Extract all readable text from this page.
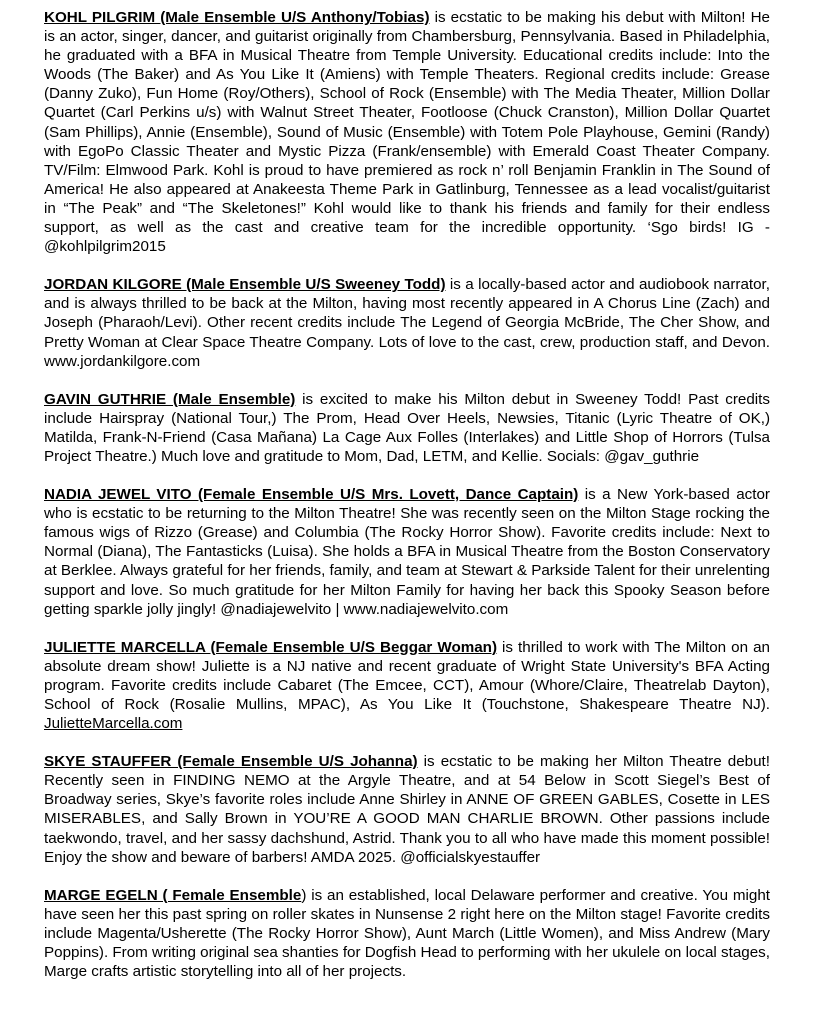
KOHL PILGRIM (Male Ensemble U/S Anthony/Tobias) is ecstatic to be making his debut with Milton! He is an actor, singer, dancer, and guitarist originally from Chambersburg, Pennsylvania. Based in Philadelphia, he graduated with a BFA in Musical Theatre from Temple University. Educational credits include: Into the Woods (The Baker) and As You Like It (Amiens) with Temple Theaters. Regional credits include: Grease (Danny Zuko), Fun Home (Roy/Others), School of Rock (Ensemble) with The Media Theater, Million Dollar Quartet (Carl Perkins u/s) with Walnut Street Theater, Footloose (Chuck Cranston), Million Dollar Quartet (Sam Phillips), Annie (Ensemble), Sound of Music (Ensemble) with Totem Pole Playhouse, Gemini (Randy) with EgoPo Classic Theater and Mystic Pizza (Frank/ensemble) with Emerald Coast Theater Company. TV/Film: Elmwood Park. Kohl is proud to have premiered as rock n’ roll Benjamin Franklin in The Sound of America! He also appeared at Anakeesta Theme Park in Gatlinburg, Tennessee as a lead vocalist/guitarist in “The Peak” and “The Skeletones!” Kohl would like to thank his friends and family for their endless support, as well as the cast and creative team for the incredible opportunity. ‘Sgo birds! IG - @kohlpilgrim2015

JORDAN KILGORE (Male Ensemble U/S Sweeney Todd) is a locally-based actor and audiobook narrator, and is always thrilled to be back at the Milton, having most recently appeared in A Chorus Line (Zach) and Joseph (Pharaoh/Levi). Other recent credits include The Legend of Georgia McBride, The Cher Show, and Pretty Woman at Clear Space Theatre Company. Lots of love to the cast, crew, production staff, and Devon. www.jordankilgore.com

GAVIN GUTHRIE (Male Ensemble) is excited to make his Milton debut in Sweeney Todd! Past credits include Hairspray (National Tour,) The Prom, Head Over Heels, Newsies, Titanic (Lyric Theatre of OK,) Matilda, Frank-N-Friend (Casa Mañana) La Cage Aux Folles (Interlakes) and Little Shop of Horrors (Tulsa Project Theatre.) Much love and gratitude to Mom, Dad, LETM, and Kellie. Socials: @gav_guthrie

NADIA JEWEL VITO (Female Ensemble U/S Mrs. Lovett, Dance Captain) is a New York-based actor who is ecstatic to be returning to the Milton Theatre! She was recently seen on the Milton Stage rocking the famous wigs of Rizzo (Grease) and Columbia (The Rocky Horror Show). Favorite credits include: Next to Normal (Diana), The Fantasticks (Luisa). She holds a BFA in Musical Theatre from the Boston Conservatory at Berklee. Always grateful for her friends, family, and team at Stewart & Parkside Talent for their unrelenting support and love. So much gratitude for her Milton Family for having her back this Spooky Season before getting sparkle jolly jingly! @nadiajewelvito | www.nadiajewelvito.com

JULIETTE MARCELLA (Female Ensemble U/S Beggar Woman) is thrilled to work with The Milton on an absolute dream show! Juliette is a NJ native and recent graduate of Wright State University's BFA Acting program. Favorite credits include Cabaret (The Emcee, CCT), Amour (Whore/Claire, Theatrelab Dayton), School of Rock (Rosalie Mullins, MPAC), As You Like It (Touchstone, Shakespeare Theatre NJ). JulietteMarcella.com

SKYE STAUFFER (Female Ensemble U/S Johanna) is ecstatic to be making her Milton Theatre debut! Recently seen in FINDING NEMO at the Argyle Theatre, and at 54 Below in Scott Siegel’s Best of Broadway series, Skye’s favorite roles include Anne Shirley in ANNE OF GREEN GABLES, Cosette in LES MISERABLES, and Sally Brown in YOU’RE A GOOD MAN CHARLIE BROWN. Other passions include taekwondo, travel, and her sassy dachshund, Astrid. Thank you to all who have made this moment possible! Enjoy the show and beware of barbers! AMDA 2025. @officialskyestauffer

MARGE EGELN ( Female Ensemble) is an established, local Delaware performer and creative. You might have seen her this past spring on roller skates in Nunsense 2 right here on the Milton stage! Favorite credits include Magenta/Usherette (The Rocky Horror Show), Aunt March (Little Women), and Miss Andrew (Mary Poppins). From writing original sea shanties for Dogfish Head to performing with her ukulele on local stages, Marge crafts artistic storytelling into all of her projects.
